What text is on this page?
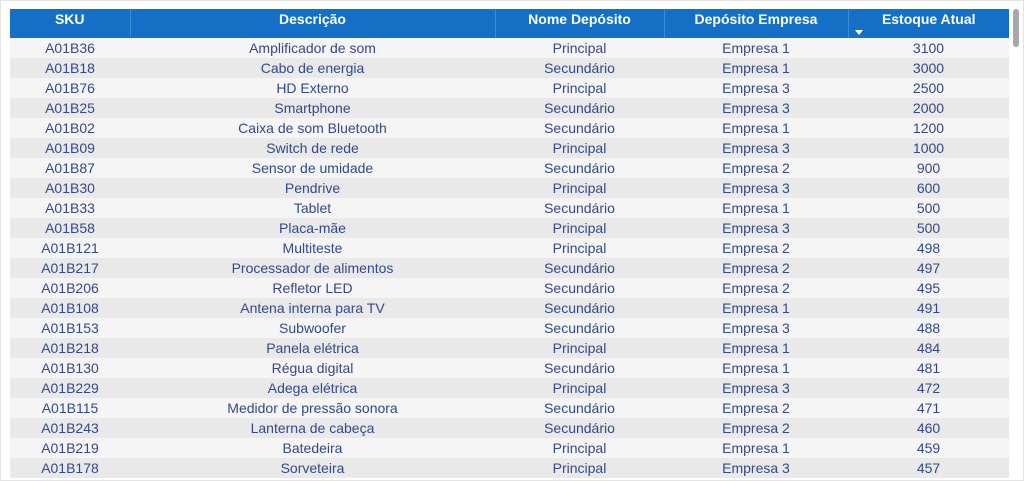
SKU	Descrição	Nome Depósito	Depósito Empresa	Estoque Atual

A01B36	Amplificador de som	Principal	Empresa 1	3100
A01B18	Cabo de energia	Secundário	Empresa 1	3000
A01B76	HD Externo	Principal	Empresa 3	2500
A01B25	Smartphone	Secundário	Empresa 3	2000
A01B02	Caixa de som Bluetooth	Secundário	Empresa 1	1200
A01B09	Switch de rede	Principal	Empresa 3	1000
A01B87	Sensor de umidade	Secundário	Empresa 2	900
A01B30	Pendrive	Principal	Empresa 3	600
A01B33	Tablet	Secundário	Empresa 1	500
A01B58	Placa-mãe	Principal	Empresa 3	500
A01B121	Multiteste	Principal	Empresa 2	498
A01B217	Processador de alimentos	Secundário	Empresa 2	497
A01B206	Refletor LED	Secundário	Empresa 2	495
A01B108	Antena interna para TV	Secundário	Empresa 1	491
A01B153	Subwoofer	Secundário	Empresa 3	488
A01B218	Panela elétrica	Principal	Empresa 1	484
A01B130	Régua digital	Secundário	Empresa 1	481
A01B229	Adega elétrica	Principal	Empresa 3	472
A01B115	Medidor de pressão sonora	Secundário	Empresa 2	471
A01B243	Lanterna de cabeça	Secundário	Empresa 2	460
A01B219	Batedeira	Principal	Empresa 1	459
A01B178	Sorveteira	Principal	Empresa 3	457
